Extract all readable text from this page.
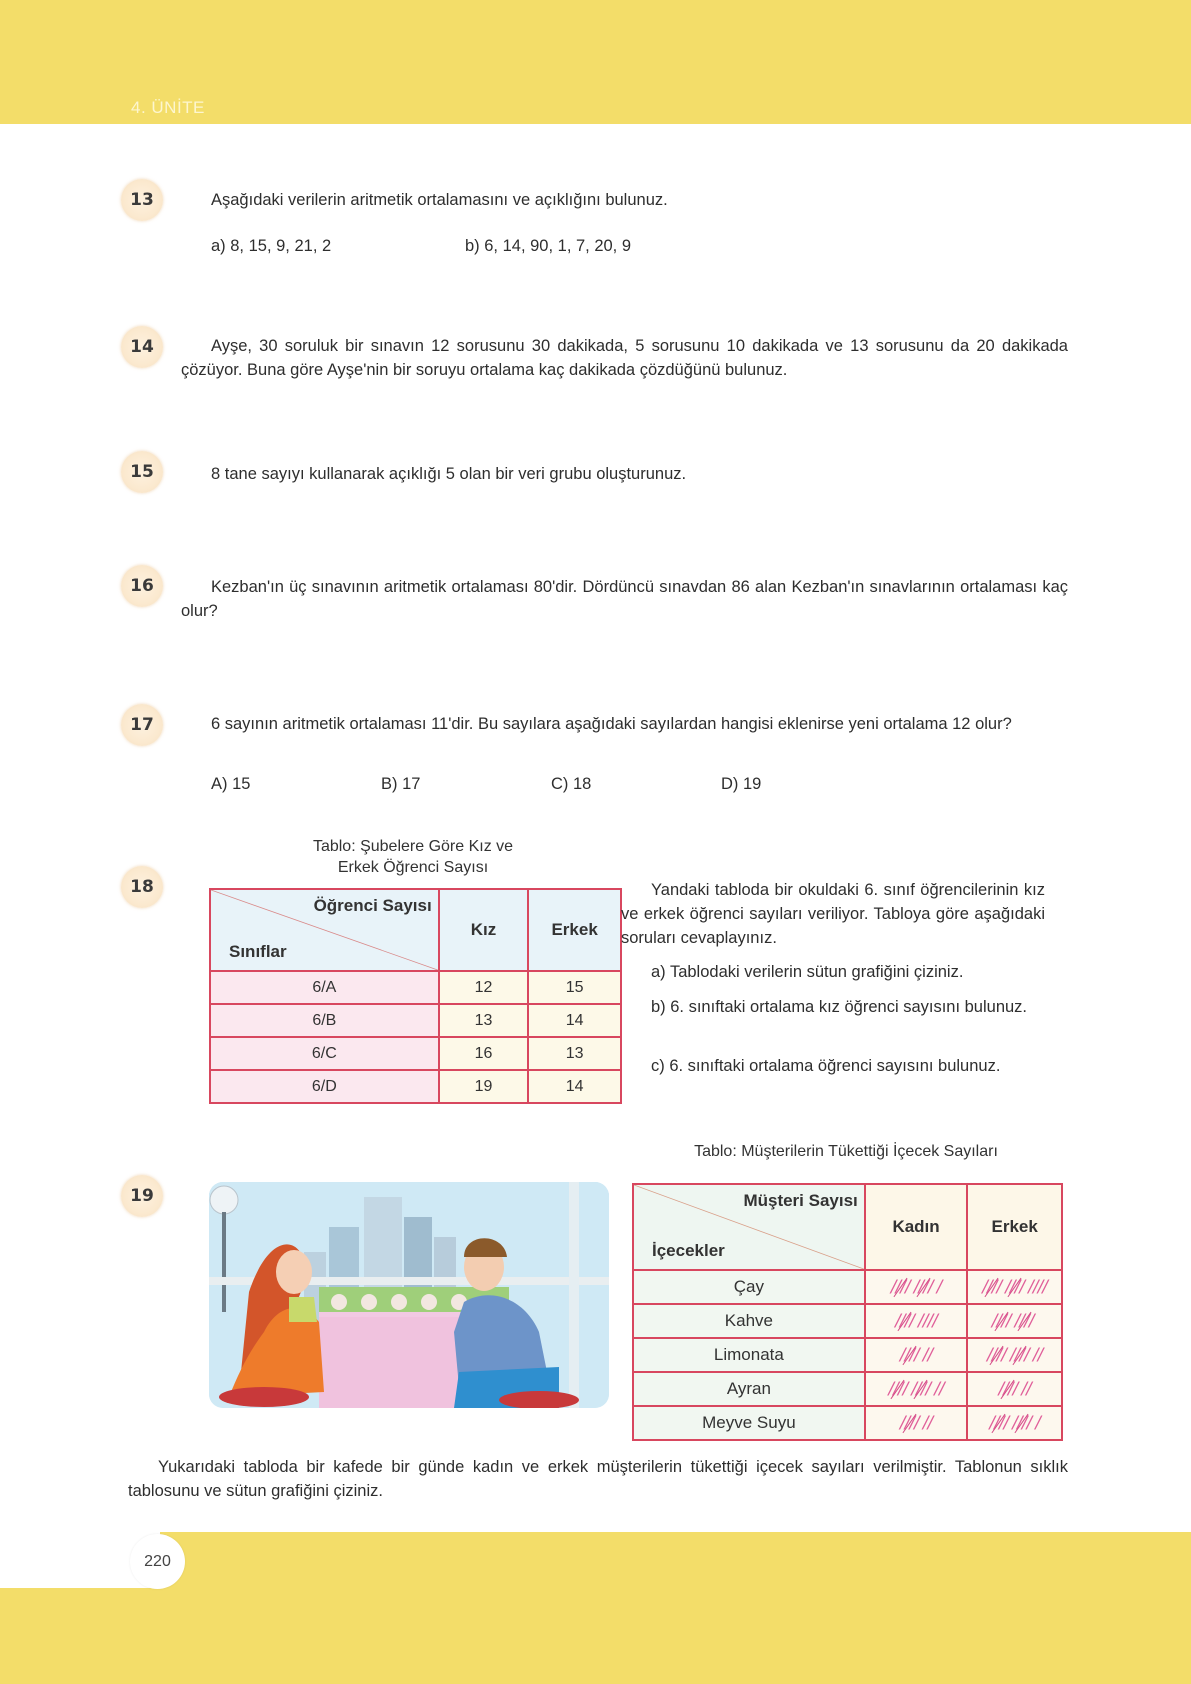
4. ÜNİTE
13	Aşağıdaki verilerin aritmetik ortalamasını ve açıklığını bulunuz.
a) 8, 15, 9, 21, 2	b) 6, 14, 90, 1, 7, 20, 9
14	Ayşe, 30 soruluk bir sınavın 12 sorusunu 30 dakikada, 5 sorusunu 10 dakikada ve 13 sorusunu da 20 dakikada çözüyor. Buna göre Ayşe'nin bir soruyu ortalama kaç dakikada çözdüğünü bulunuz.
15	8 tane sayıyı kullanarak açıklığı 5 olan bir veri grubu oluşturunuz.
16	Kezban'ın üç sınavının aritmetik ortalaması 80'dir. Dördüncü sınavdan 86 alan Kezban'ın sınavlarının ortalaması kaç olur?
17	6 sayının aritmetik ortalaması 11'dir. Bu sayılara aşağıdaki sayılardan hangisi eklenirse yeni ortalama 12 olur?
A) 15	B) 17	C) 18	D) 19
18
Tablo: Şubelere Göre Kız ve
Erkek Öğrenci Sayısı
Öğrenci Sayısı
Sınıflar	Kız	Erkek
6/A	12	15
6/B	13	14
6/C	16	13
6/D	19	14
Yandaki tabloda bir okuldaki 6. sınıf öğrencilerinin kız ve erkek öğrenci sayıları veriliyor. Tabloya göre aşağıdaki soruları cevaplayınız.
a) Tablodaki verilerin sütun grafiğini çiziniz.
b) 6. sınıftaki ortalama kız öğrenci sayısını bulunuz.
c) 6. sınıftaki ortalama öğrenci sayısını bulunuz.
19
Tablo: Müşterilerin Tükettiği İçecek Sayıları
Müşteri Sayısı
İçecekler	Kadın	Erkek
Çay	//// //// /	//// //// ////
Kahve	//// ////	//// ////
Limonata	//// //	//// //// //
Ayran	//// //// //	//// //
Meyve Suyu	//// //	//// //// /
Yukarıdaki tabloda bir kafede bir günde kadın ve erkek müşterilerin tükettiği içecek sayıları verilmiştir. Tablonun sıklık tablosunu ve sütun grafiğini çiziniz.
220
